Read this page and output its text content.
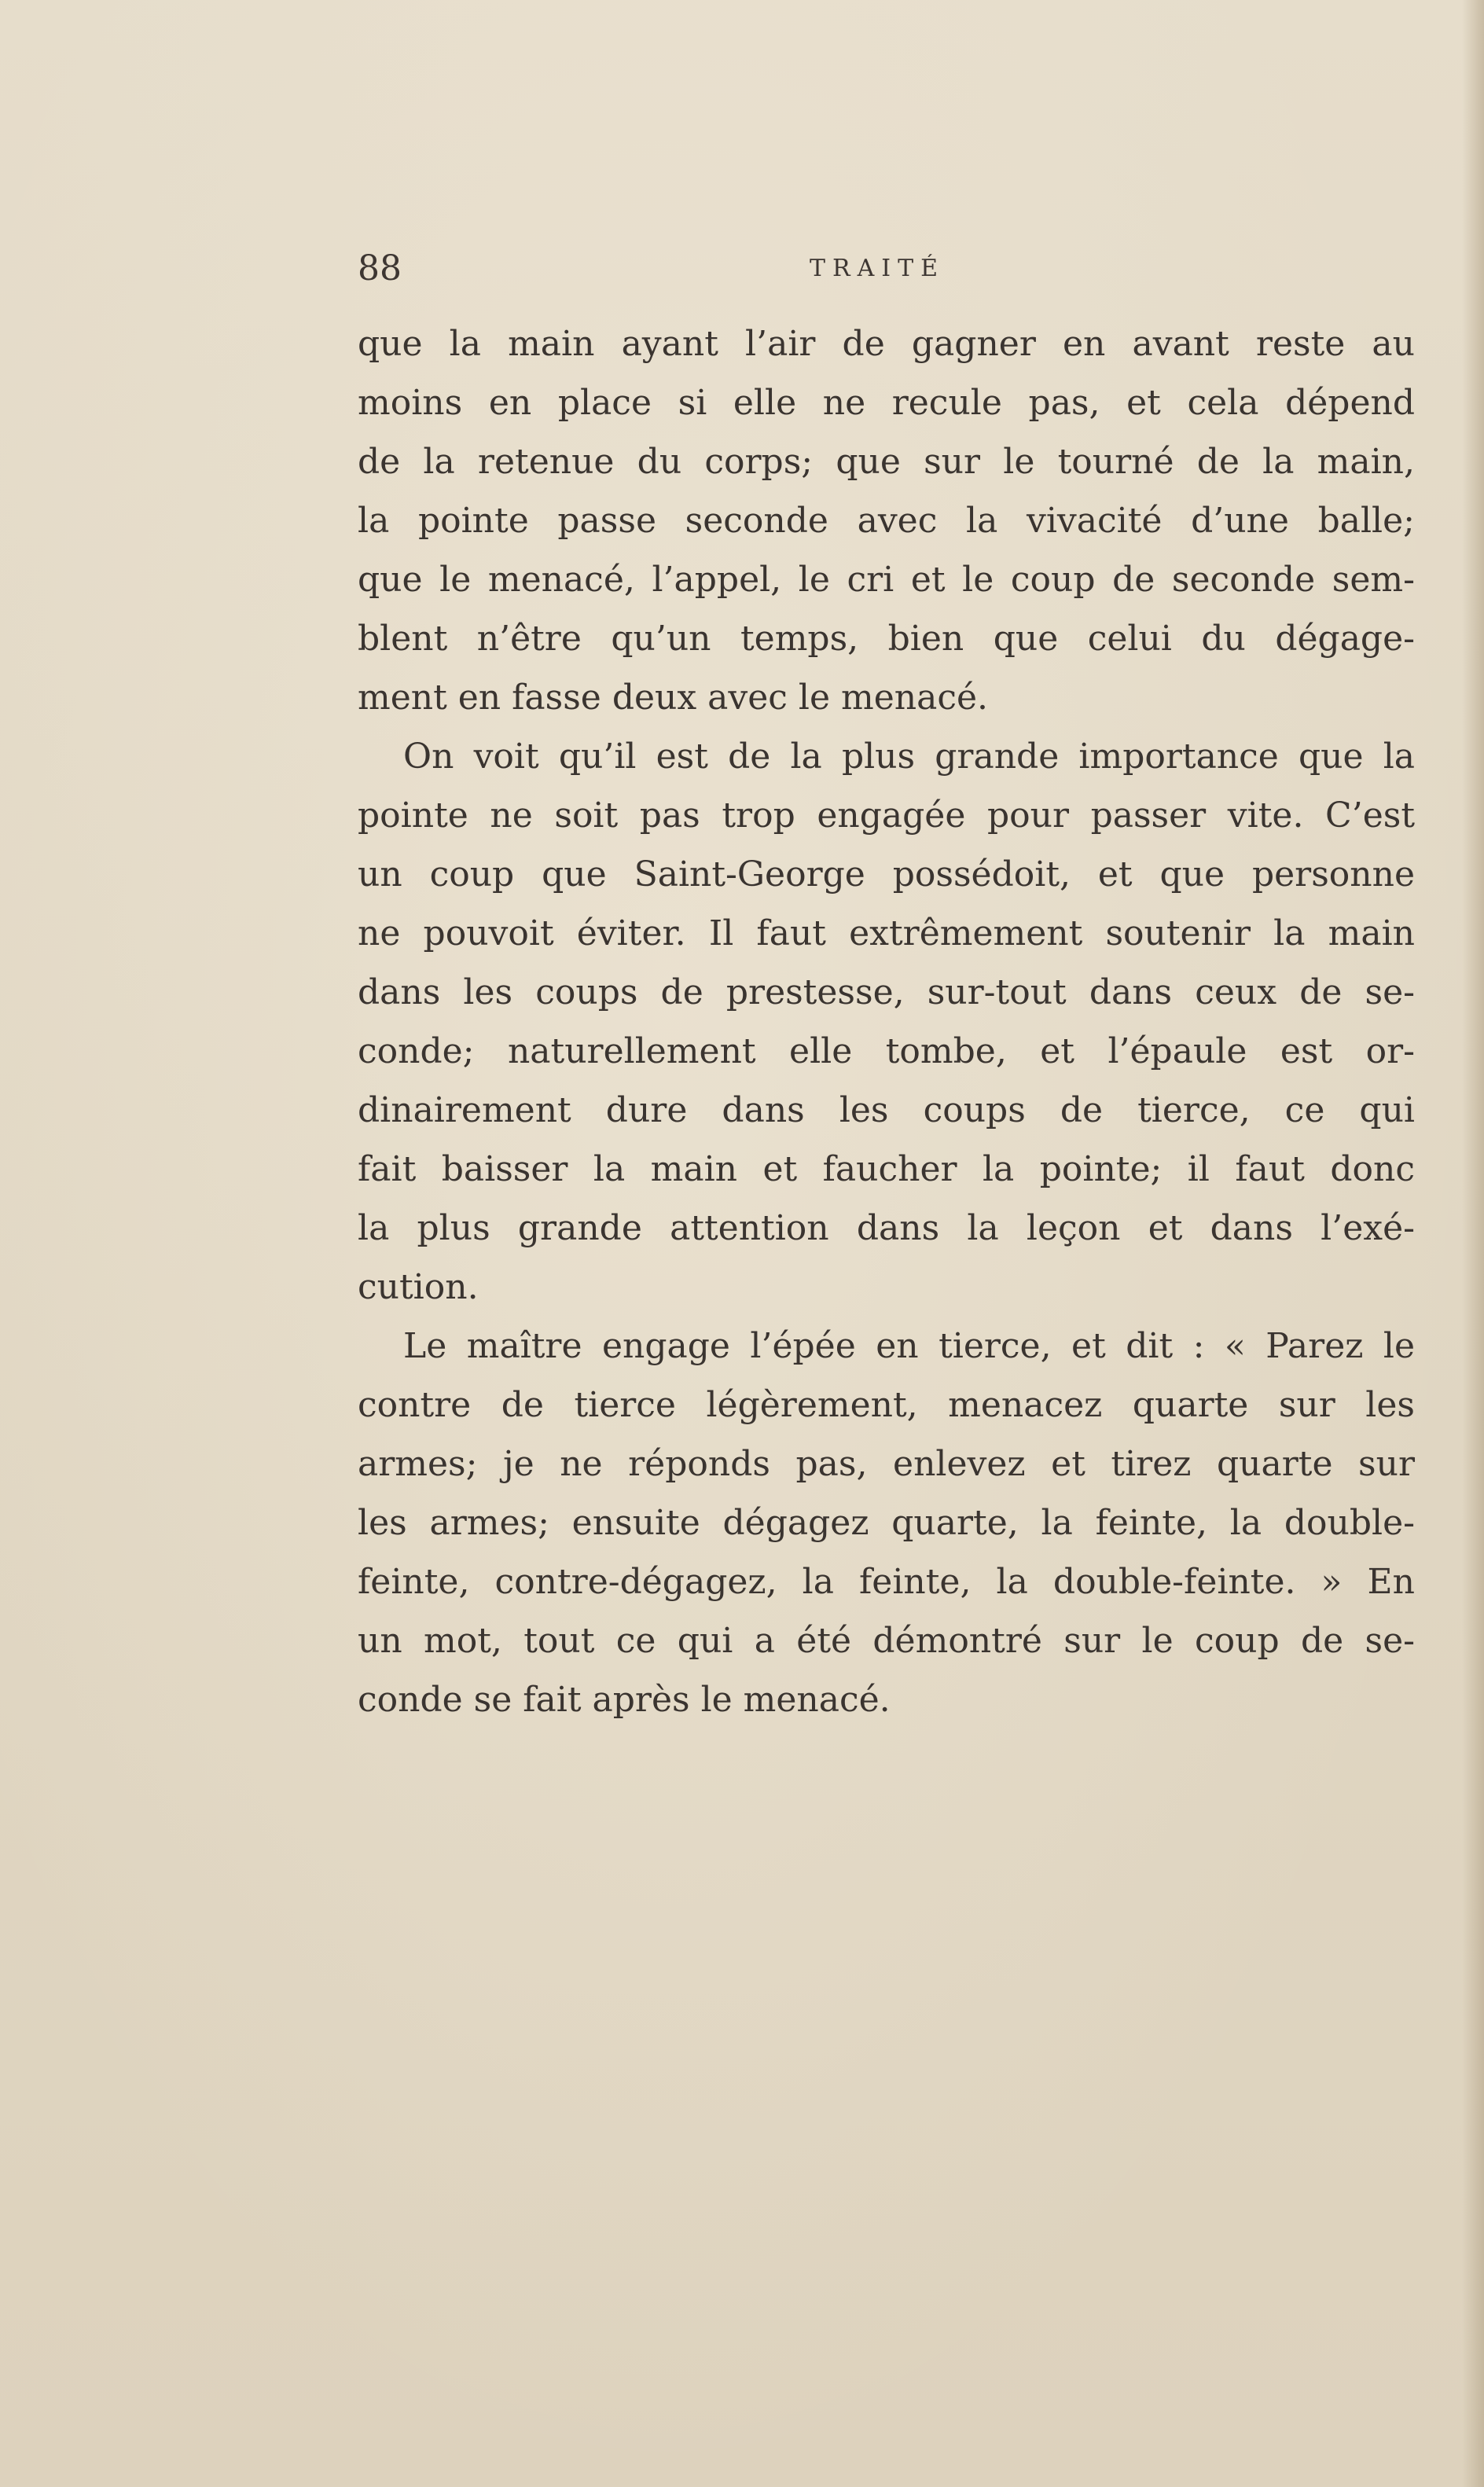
88	TRAITÉ
que la main ayant l’air de gagner en avant reste au
moins en place si elle ne recule pas, et cela dépend
de la retenue du corps; que sur le tourné de la main,
la pointe passe seconde avec la vivacité d’une balle;
que le menacé, l’appel, le cri et le coup de seconde sem-
blent n’être qu’un temps, bien que celui du dégage-
ment en fasse deux avec le menacé.
On voit qu’il est de la plus grande importance que la
pointe ne soit pas trop engagée pour passer vite. C’est
un coup que Saint-George possédoit, et que personne
ne pouvoit éviter. Il faut extrêmement soutenir la main
dans les coups de prestesse, sur-tout dans ceux de se-
conde; naturellement elle tombe, et l’épaule est or-
dinairement dure dans les coups de tierce, ce qui
fait baisser la main et faucher la pointe; il faut donc
la plus grande attention dans la leçon et dans l’exé-
cution.
Le maître engage l’épée en tierce, et dit : « Parez le
contre de tierce légèrement, menacez quarte sur les
armes; je ne réponds pas, enlevez et tirez quarte sur
les armes; ensuite dégagez quarte, la feinte, la double-
feinte, contre-dégagez, la feinte, la double-feinte. » En
un mot, tout ce qui a été démontré sur le coup de se-
conde se fait après le menacé.
